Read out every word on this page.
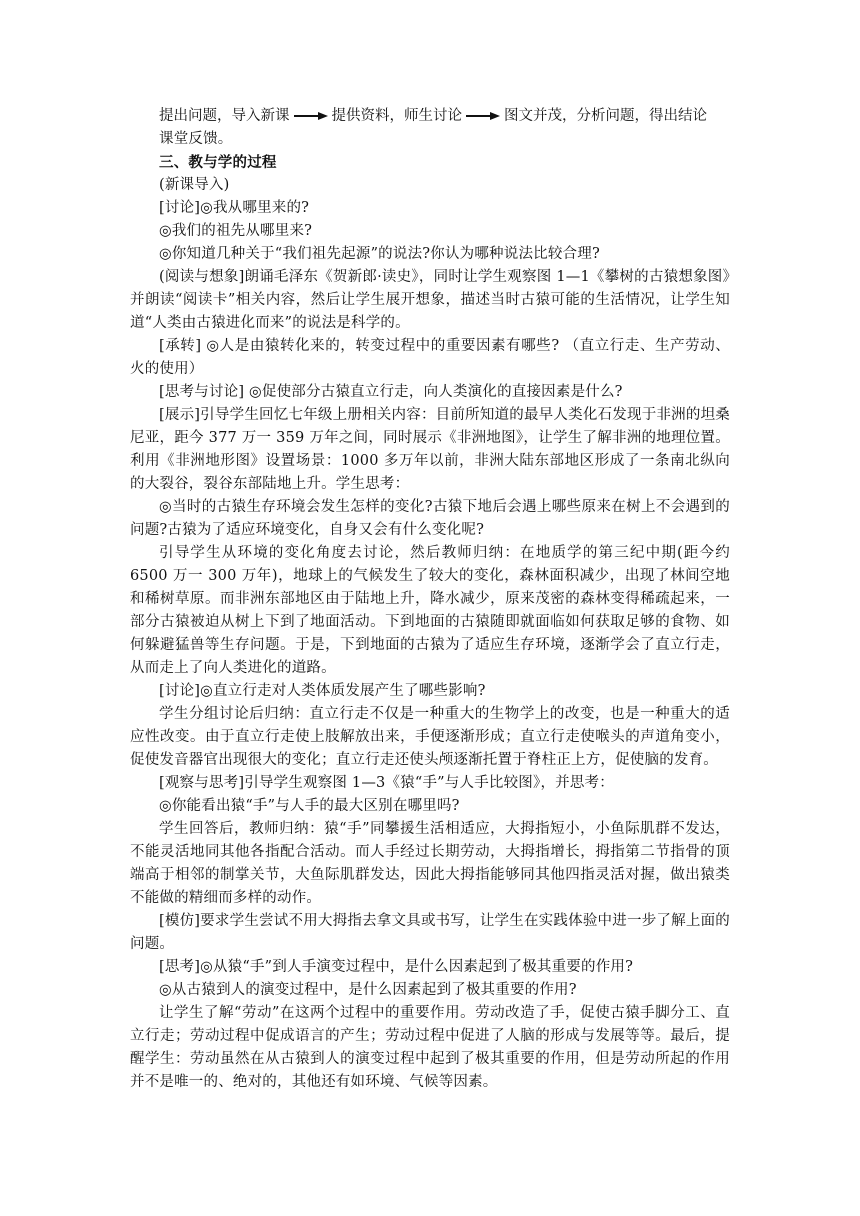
提出问题，导入新课	提供资料，师生讨论	图文并茂，分析问题，得出结论

课堂反馈。

三、教与学的过程

(新课导入)

[讨论]◎我从哪里来的?

◎我们的祖先从哪里来?

◎你知道几种关于“我们祖先起源”的说法?你认为哪种说法比较合理?

(阅读与想象]朗诵毛泽东《贺新郎·读史》，同时让学生观察图 1—1《攀树的古猿想象图》并朗读“阅读卡”相关内容，然后让学生展开想象，描述当时古猿可能的生活情况，让学生知道“人类由古猿进化而来”的说法是科学的。

[承转] ◎人是由猿转化来的，转变过程中的重要因素有哪些? （直立行走、生产劳动、火的使用）

[思考与讨论] ◎促使部分古猿直立行走，向人类演化的直接因素是什么?

[展示]引导学生回忆七年级上册相关内容：目前所知道的最早人类化石发现于非洲的坦桑尼亚，距今 377 万一 359 万年之间，同时展示《非洲地图》，让学生了解非洲的地理位置。利用《非洲地形图》设置场景：1000 多万年以前，非洲大陆东部地区形成了一条南北纵向的大裂谷，裂谷东部陆地上升。学生思考：

◎当时的古猿生存环境会发生怎样的变化?古猿下地后会遇上哪些原来在树上不会遇到的问题?古猿为了适应环境变化，自身又会有什么变化呢?

引导学生从环境的变化角度去讨论，然后教师归纳：在地质学的第三纪中期(距今约 6500 万一 300 万年)，地球上的气候发生了较大的变化，森林面积减少，出现了林间空地和稀树草原。而非洲东部地区由于陆地上升，降水减少，原来茂密的森林变得稀疏起来，一部分古猿被迫从树上下到了地面活动。下到地面的古猿随即就面临如何获取足够的食物、如何躲避猛兽等生存问题。于是，下到地面的古猿为了适应生存环境，逐渐学会了直立行走，从而走上了向人类进化的道路。

[讨论]◎直立行走对人类体质发展产生了哪些影响?

学生分组讨论后归纳：直立行走不仅是一种重大的生物学上的改变，也是一种重大的适应性改变。由于直立行走使上肢解放出来，手便逐渐形成；直立行走使喉头的声道角变小，促使发音器官出现很大的变化；直立行走还使头颅逐渐托置于脊柱正上方，促使脑的发育。

[观察与思考]引导学生观察图 1—3《猿“手”与人手比较图》，并思考：

◎你能看出猿“手”与人手的最大区别在哪里吗?

学生回答后，教师归纳：猿“手”同攀援生活相适应，大拇指短小，小鱼际肌群不发达，不能灵活地同其他各指配合活动。而人手经过长期劳动，大拇指增长，拇指第二节指骨的顶端高于相邻的制掌关节，大鱼际肌群发达，因此大拇指能够同其他四指灵活对握，做出猿类不能做的精细而多样的动作。

[模仿]要求学生尝试不用大拇指去拿文具或书写，让学生在实践体验中进一步了解上面的问题。

[思考]◎从猿“手”到人手演变过程中，是什么因素起到了极其重要的作用?

◎从古猿到人的演变过程中，是什么因素起到了极其重要的作用?

让学生了解“劳动”在这两个过程中的重要作用。劳动改造了手，促使古猿手脚分工、直立行走；劳动过程中促成语言的产生；劳动过程中促进了人脑的形成与发展等等。最后，提醒学生：劳动虽然在从古猿到人的演变过程中起到了极其重要的作用，但是劳动所起的作用并不是唯一的、绝对的，其他还有如环境、气候等因素。
